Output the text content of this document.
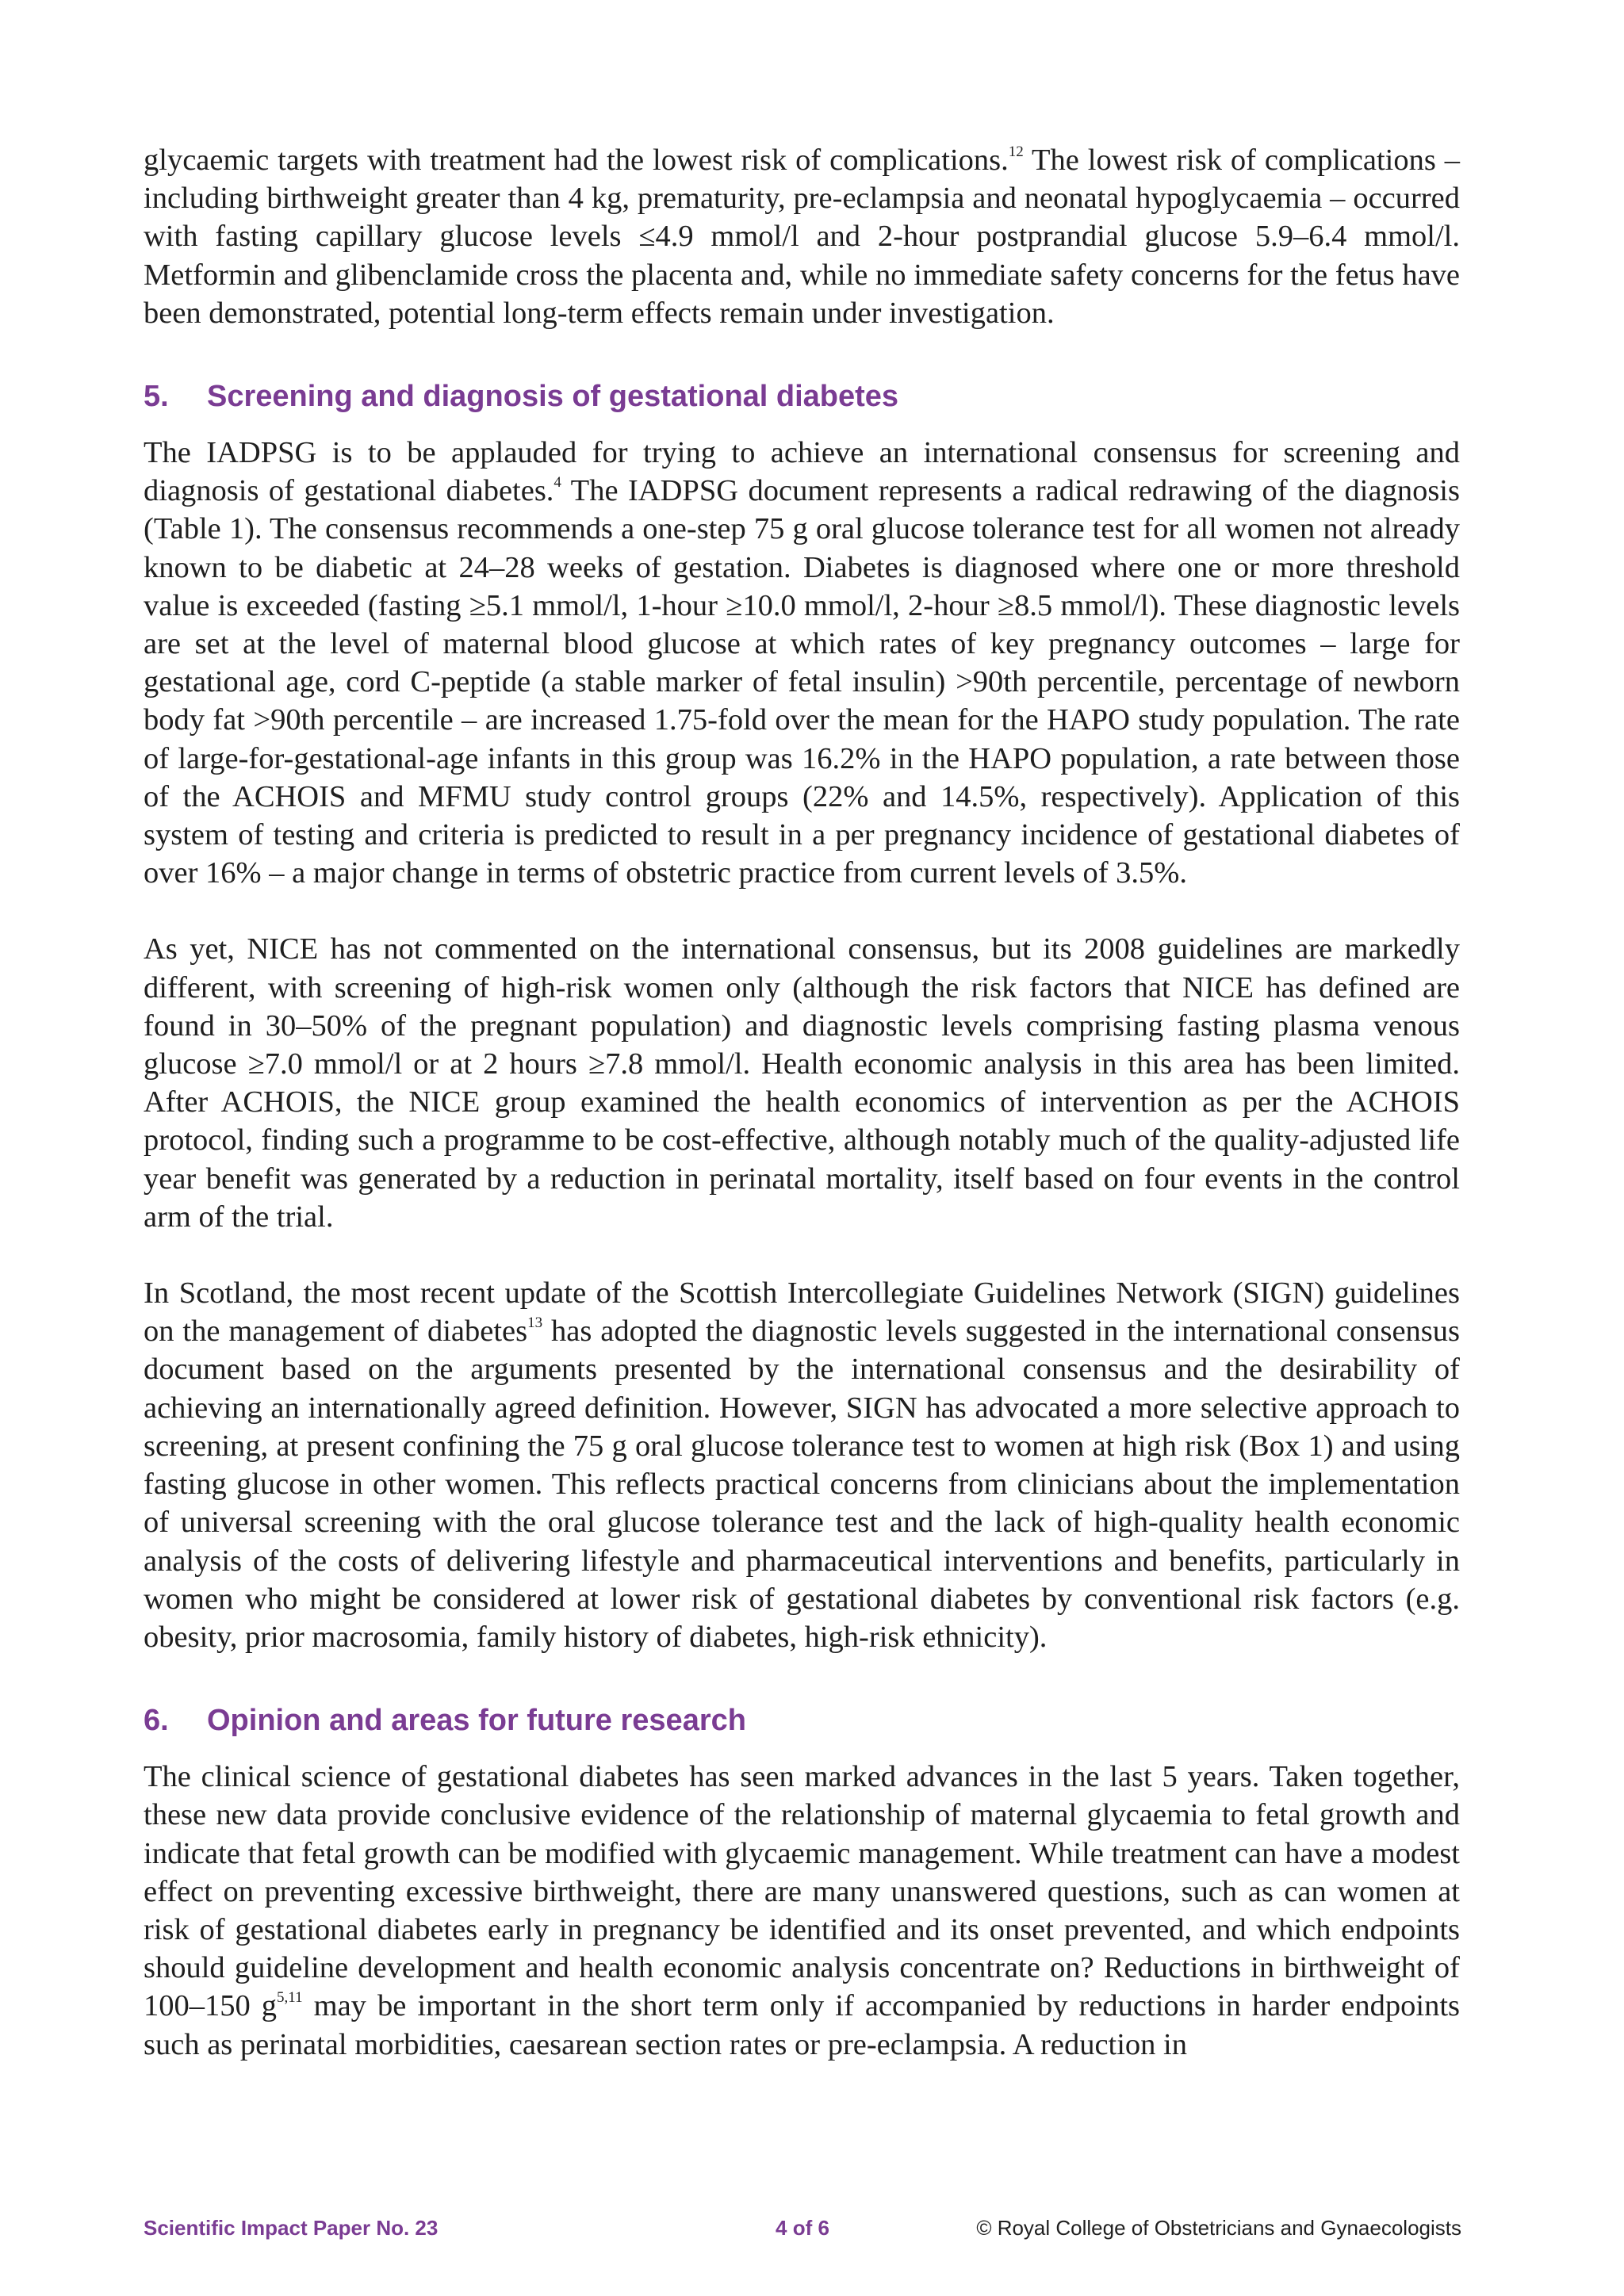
glycaemic targets with treatment had the lowest risk of complications.$^{12}$ The lowest risk of complications – including birthweight greater than 4 kg, prematurity, pre-eclampsia and neonatal hypoglycaemia – occurred with fasting capillary glucose levels ≤4.9 mmol/l and 2-hour postprandial glucose 5.9–6.4 mmol/l. Metformin and glibenclamide cross the placenta and, while no immediate safety concerns for the fetus have been demonstrated, potential long-term effects remain under investigation.

5.	Screening and diagnosis of gestational diabetes

The IADPSG is to be applauded for trying to achieve an international consensus for screening and diagnosis of gestational diabetes.$^4$ The IADPSG document represents a radical redrawing of the diagnosis (Table 1). The consensus recommends a one-step 75 g oral glucose tolerance test for all women not already known to be diabetic at 24–28 weeks of gestation. Diabetes is diagnosed where one or more threshold value is exceeded (fasting ≥5.1 mmol/l, 1-hour ≥10.0 mmol/l, 2-hour ≥8.5 mmol/l). These diagnostic levels are set at the level of maternal blood glucose at which rates of key pregnancy outcomes – large for gestational age, cord C-peptide (a stable marker of fetal insulin) >90th percentile, percentage of newborn body fat >90th percentile – are increased 1.75-fold over the mean for the HAPO study population. The rate of large-for-gestational-age infants in this group was 16.2% in the HAPO population, a rate between those of the ACHOIS and MFMU study control groups (22% and 14.5%, respectively). Application of this system of testing and criteria is predicted to result in a per pregnancy incidence of gestational diabetes of over 16% – a major change in terms of obstetric practice from current levels of 3.5%.

As yet, NICE has not commented on the international consensus, but its 2008 guidelines are markedly different, with screening of high-risk women only (although the risk factors that NICE has defined are found in 30–50% of the pregnant population) and diagnostic levels comprising fasting plasma venous glucose ≥7.0 mmol/l or at 2 hours ≥7.8 mmol/l. Health economic analysis in this area has been limited. After ACHOIS, the NICE group examined the health economics of intervention as per the ACHOIS protocol, finding such a programme to be cost-effective, although notably much of the quality-adjusted life year benefit was generated by a reduction in perinatal mortality, itself based on four events in the control arm of the trial.

In Scotland, the most recent update of the Scottish Intercollegiate Guidelines Network (SIGN) guidelines on the management of diabetes$^{13}$ has adopted the diagnostic levels suggested in the international consensus document based on the arguments presented by the international consensus and the desirability of achieving an internationally agreed definition. However, SIGN has advocated a more selective approach to screening, at present confining the 75 g oral glucose tolerance test to women at high risk (Box 1) and using fasting glucose in other women. This reflects practical concerns from clinicians about the implementation of universal screening with the oral glucose tolerance test and the lack of high-quality health economic analysis of the costs of delivering lifestyle and pharmaceutical interventions and benefits, particularly in women who might be considered at lower risk of gestational diabetes by conventional risk factors (e.g. obesity, prior macrosomia, family history of diabetes, high-risk ethnicity).

6.	Opinion and areas for future research

The clinical science of gestational diabetes has seen marked advances in the last 5 years. Taken together, these new data provide conclusive evidence of the relationship of maternal glycaemia to fetal growth and indicate that fetal growth can be modified with glycaemic management. While treatment can have a modest effect on preventing excessive birthweight, there are many unanswered questions, such as can women at risk of gestational diabetes early in pregnancy be identified and its onset prevented, and which endpoints should guideline development and health economic analysis concentrate on? Reductions in birthweight of 100–150 $g^{5,11}$ may be important in the short term only if accompanied by reductions in harder endpoints such as perinatal morbidities, caesarean section rates or pre-eclampsia. A reduction in

Scientific Impact Paper No. 23	4 of 6	© Royal College of Obstetricians and Gynaecologists
